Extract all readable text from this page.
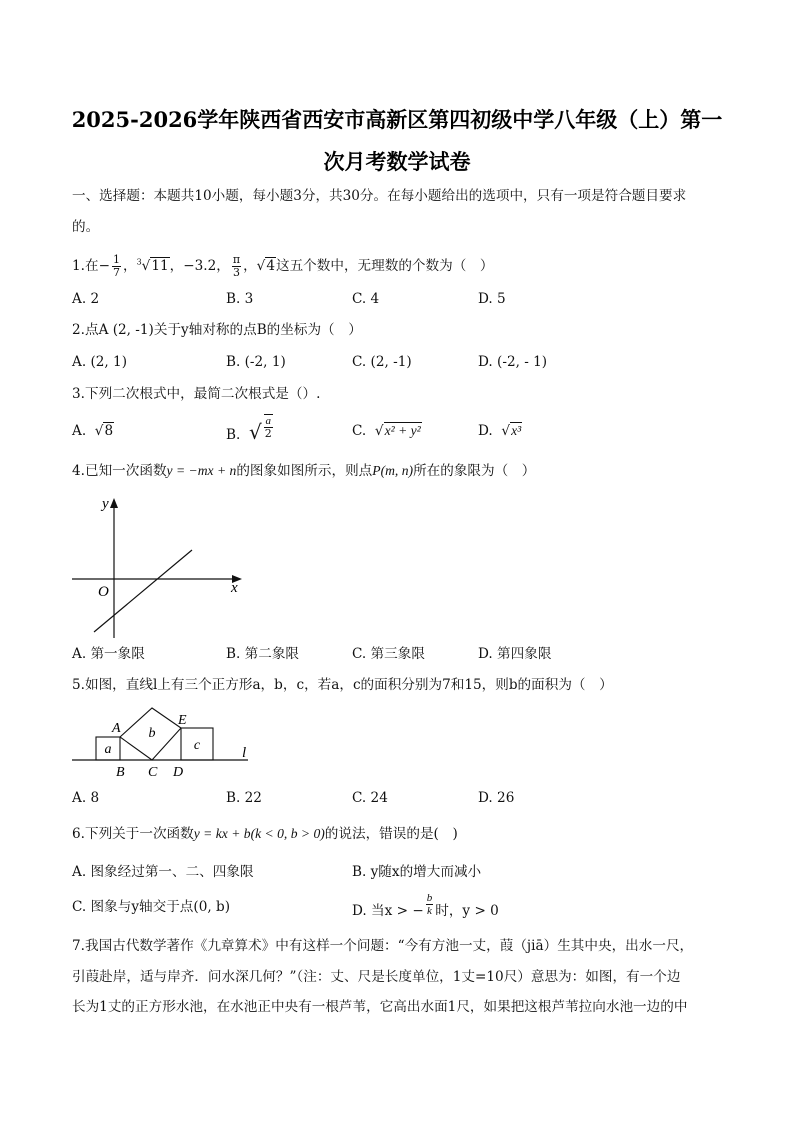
2025-2026学年陕西省西安市高新区第四初级中学八年级（上）第一
次月考数学试卷
一、选择题：本题共10小题，每小题3分，共30分。在每小题给出的选项中，只有一项是符合题目要求
的。
1.在− $\frac{1}{7}$ ，$^3$√11，−3.2， $\frac{\pi}{3}$ ，√4这五个数中，无理数的个数为（　）
A. 2	B. 3	C. 4	D. 5
2.点A (2, -1)关于y轴对称的点B的坐标为（　）
A. (2, 1)	B. (-2, 1)	C. (2, -1)	D. (-2, - 1)
3.下列二次根式中，最简二次根式是（）.
A.  √8	B. √ $\frac{a}{2}$	C.  √x² + y²	D.  √x³
4.已知一次函数y = −mx + n的图象如图所示，则点P(m, n)所在的象限为（　）
y
x
O
A. 第一象限	B. 第二象限	C. 第三象限	D. 第四象限
5.如图，直线l上有三个正方形a，b，c，若a，c的面积分别为7和15，则b的面积为（　）
a
b
c
A
B C D
E
l
A. 8	B. 22	C. 24	D. 26
6.下列关于一次函数y = kx + b(k < 0, b > 0)的说法，错误的是(　)
A. 图象经过第一、二、四象限	B. y随x的增大而减小
C. 图象与y轴交于点(0, b)	D. 当x > − $\frac{b}{k}$ 时，y > 0
7.我国古代数学著作《九章算术》中有这样一个问题：“今有方池一丈，葭（jiā）生其中央，出水一尺，
引葭赴岸，适与岸齐．问水深几何？”（注：丈、尺是长度单位，1丈=10尺）意思为：如图，有一个边
长为1丈的正方形水池，在水池正中央有一根芦苇，它高出水面1尺，如果把这根芦苇拉向水池一边的中
